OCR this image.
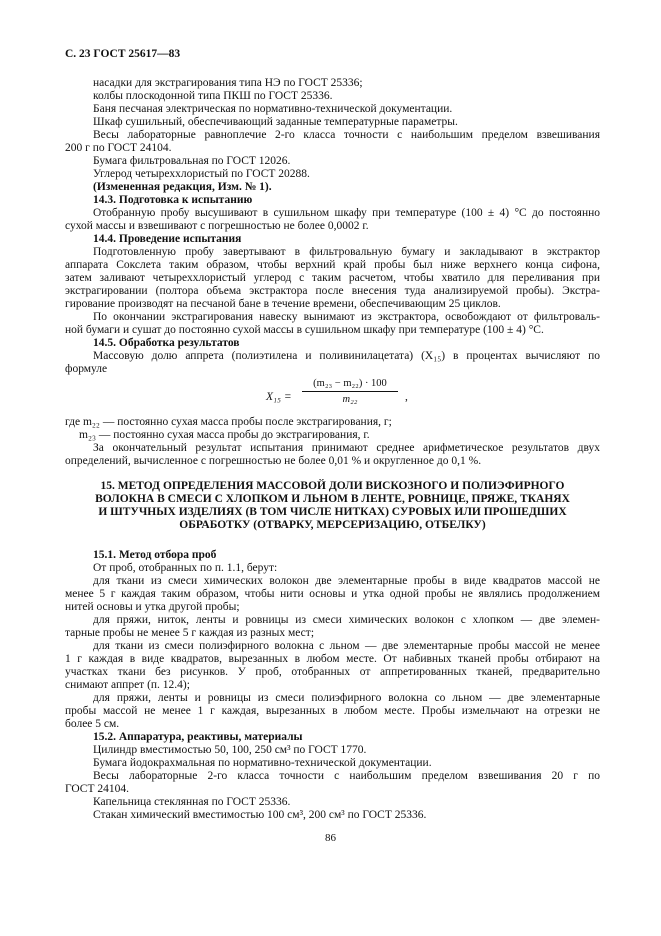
С. 23 ГОСТ 25617—83
насадки для экстрагирования типа НЭ по ГОСТ 25336;
колбы плоскодонной типа ПКШ по ГОСТ 25336.
Баня песчаная электрическая по нормативно-технической документации.
Шкаф сушильный, обеспечивающий заданные температурные параметры.
Весы лабораторные равноплечие 2-го класса точности с наибольшим пределом взвешивания
200 г по ГОСТ 24104.
Бумага фильтровальная по ГОСТ 12026.
Углерод четыреххлористый по ГОСТ 20288.
(Измененная редакция, Изм. № 1).
14.3. Подготовка к испытанию
Отобранную пробу высушивают в сушильном шкафу при температуре (100 ± 4) °С до постоянно
сухой массы и взвешивают с погрешностью не более 0,0002 г.
14.4. Проведение испытания
Подготовленную пробу завертывают в фильтровальную бумагу и закладывают в экстрактор
аппарата Сокслета таким образом, чтобы верхний край пробы был ниже верхнего конца сифона,
затем заливают четыреххлористый углерод с таким расчетом, чтобы хватило для переливания при
экстрагировании (полтора объема экстрактора после внесения туда анализируемой пробы). Экстра-
гирование производят на песчаной бане в течение времени, обеспечивающим 25 циклов.
По окончании экстрагирования навеску вынимают из экстрактора, освобождают от фильтроваль-
ной бумаги и сушат до постоянно сухой массы в сушильном шкафу при температуре (100 ± 4) °С.
14.5. Обработка результатов
Массовую долю аппрета (полиэтилена и поливинилацетата) (X₁₅) в процентах вычисляют по
формуле
X₁₅ =
(m₂₃ − m₂₂) · 100
m₂₂	,
где m₂₂ — постоянно сухая масса пробы после экстрагирования, г;
m₂₃ — постоянно сухая масса пробы до экстрагирования, г.
За окончательный результат испытания принимают среднее арифметическое результатов двух
определений, вычисленное с погрешностью не более 0,01 % и округленное до 0,1 %.
15. МЕТОД ОПРЕДЕЛЕНИЯ МАССОВОЙ ДОЛИ ВИСКОЗНОГО И ПОЛИЭФИРНОГО
ВОЛОКНА В СМЕСИ С ХЛОПКОМ И ЛЬНОМ В ЛЕНТЕ, РОВНИЦЕ, ПРЯЖЕ, ТКАНЯХ
И ШТУЧНЫХ ИЗДЕЛИЯХ (В ТОМ ЧИСЛЕ НИТКАХ) СУРОВЫХ ИЛИ ПРОШЕДШИХ
ОБРАБОТКУ (ОТВАРКУ, МЕРСЕРИЗАЦИЮ, ОТБЕЛКУ)
15.1. Метод отбора проб
От проб, отобранных по п. 1.1, берут:
для ткани из смеси химических волокон две элементарные пробы в виде квадратов массой не
менее 5 г каждая таким образом, чтобы нити основы и утка одной пробы не являлись продолжением
нитей основы и утка другой пробы;
для пряжи, ниток, ленты и ровницы из смеси химических волокон с хлопком — две элемен-
тарные пробы не менее 5 г каждая из разных мест;
для ткани из смеси полиэфирного волокна с льном — две элементарные пробы массой не менее
1 г каждая в виде квадратов, вырезанных в любом месте. От набивных тканей пробы отбирают на
участках ткани без рисунков. У проб, отобранных от аппретированных тканей, предварительно
снимают аппрет (п. 12.4);
для пряжи, ленты и ровницы из смеси полиэфирного волокна со льном — две элементарные
пробы массой не менее 1 г каждая, вырезанных в любом месте. Пробы измельчают на отрезки не
более 5 см.
15.2. Аппаратура, реактивы, материалы
Цилиндр вместимостью 50, 100, 250 см³ по ГОСТ 1770.
Бумага йодокрахмальная по нормативно-технической документации.
Весы лабораторные 2-го класса точности с наибольшим пределом взвешивания 20 г по
ГОСТ 24104.
Капельница стеклянная по ГОСТ 25336.
Стакан химический вместимостью 100 см³, 200 см³ по ГОСТ 25336.
86
